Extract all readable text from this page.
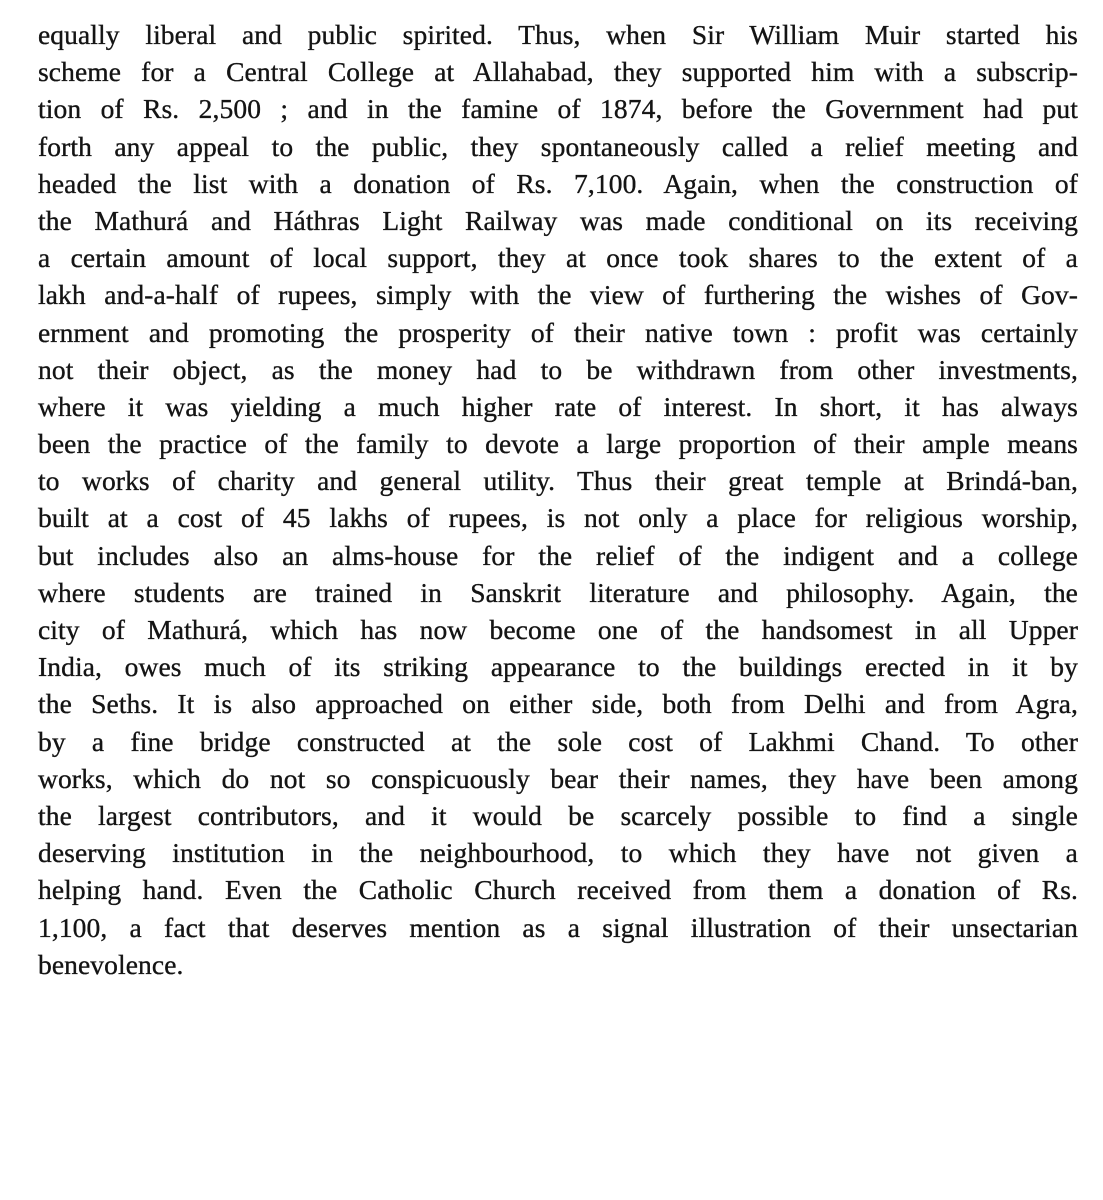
equally liberal and public spirited. Thus, when Sir William Muir started his
scheme for a Central College at Allahabad, they supported him with a subscrip-
tion of Rs. 2,500 ; and in the famine of 1874, before the Government had put
forth any appeal to the public, they spontaneously called a relief meeting and
headed the list with a donation of Rs. 7,100. Again, when the construction of
the Mathurá and Háthras Light Railway was made conditional on its receiving
a certain amount of local support, they at once took shares to the extent of a
lakh and-a-half of rupees, simply with the view of furthering the wishes of Gov-
ernment and promoting the prosperity of their native town : profit was certainly
not their object, as the money had to be withdrawn from other investments,
where it was yielding a much higher rate of interest. In short, it has always
been the practice of the family to devote a large proportion of their ample means
to works of charity and general utility. Thus their great temple at Brindá-ban,
built at a cost of 45 lakhs of rupees, is not only a place for religious worship,
but includes also an alms-house for the relief of the indigent and a college
where students are trained in Sanskrit literature and philosophy. Again, the
city of Mathurá, which has now become one of the handsomest in all Upper
India, owes much of its striking appearance to the buildings erected in it by
the Seths. It is also approached on either side, both from Delhi and from Agra,
by a fine bridge constructed at the sole cost of Lakhmi Chand. To other
works, which do not so conspicuously bear their names, they have been among
the largest contributors, and it would be scarcely possible to find a single
deserving institution in the neighbourhood, to which they have not given a
helping hand. Even the Catholic Church received from them a donation of Rs.
1,100, a fact that deserves mention as a signal illustration of their unsectarian
benevolence.
